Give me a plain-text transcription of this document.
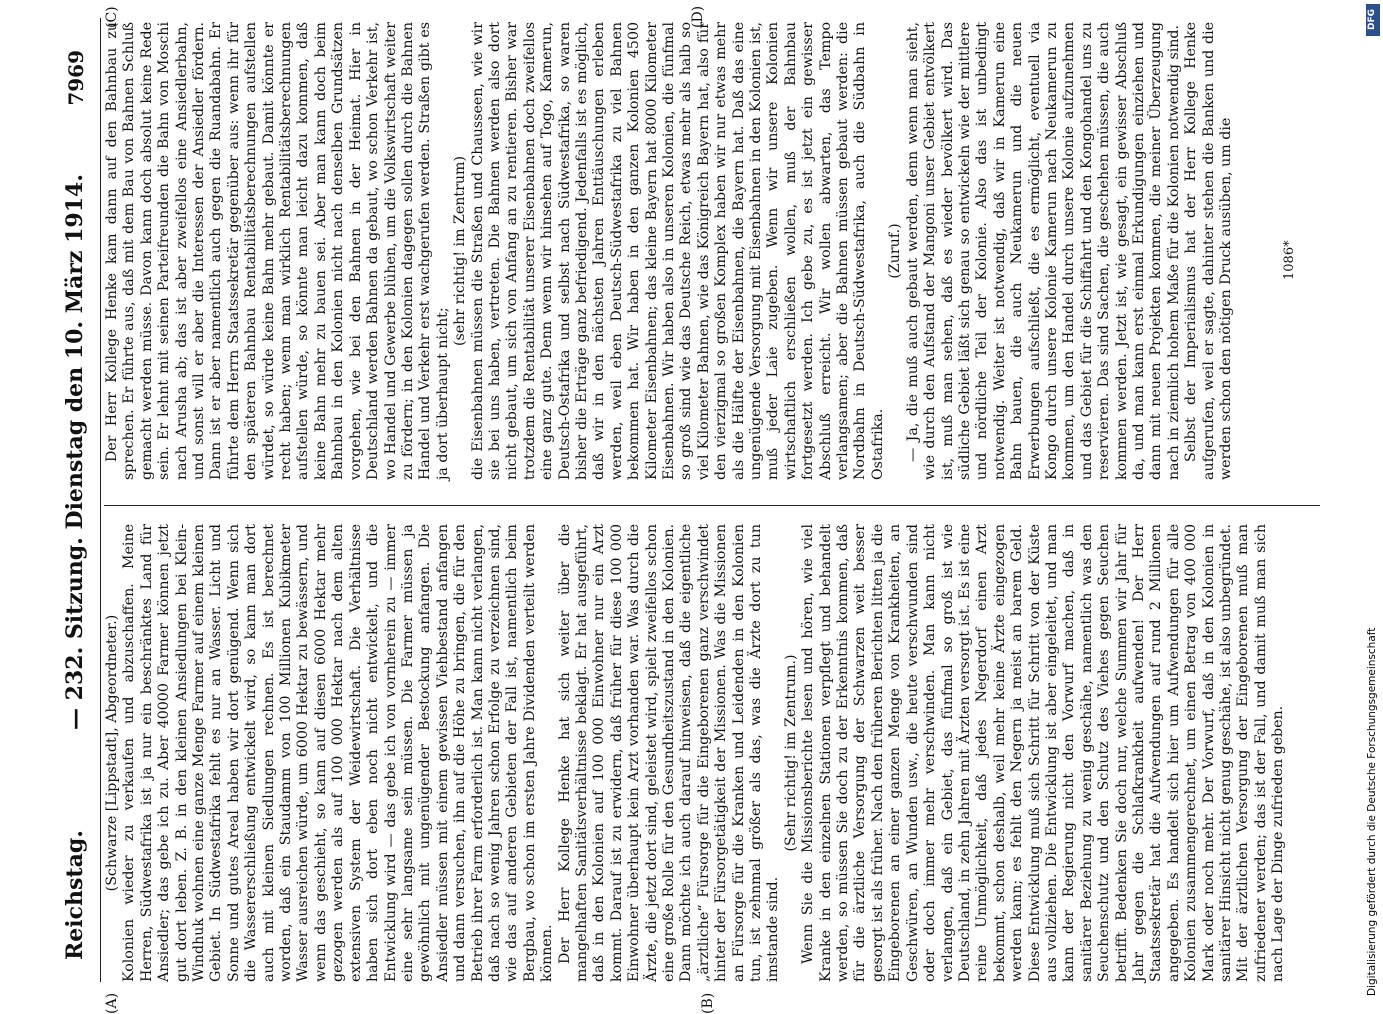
Reichstag.
— 232. Sitzung. Dienstag den 10. März 1914.
7969
(A)	(B)
(C)	(D)

(Schwarze [Lippstadt], Abgeordneter.) Kolonien wieder zu verkaufen und abzuschaffen. Meine Herren, Südwestafrika ist ja nur ein beschränktes Land für Ansiedler; das gebe ich zu. Aber 40000 Farmer können jetzt gut dort leben. Z. B. in den kleinen Ansiedlungen bei Klein-Windhuk wohnen eine ganze Menge Farmer auf einem kleinen Gebiet. In Südwestafrika fehlt es nur an Wasser. Licht und Sonne und gutes Areal haben wir dort genügend. Wenn sich die Wassererschließung entwickelt wird, so kann man dort auch mit kleinen Siedlungen rechnen. Es ist berechnet worden, daß ein Staudamm von 100 Millionen Kubikmeter Wasser ausreichen würde, um 6000 Hektar zu bewässern, und wenn das geschieht, so kann auf diesen 6000 Hektar mehr gezogen werden als auf 100 000 Hektar nach dem alten extensiven System der Weidewirtschaft. Die Verhältnisse haben sich dort eben noch nicht entwickelt, und die Entwicklung wird — das gebe ich von vornherein zu — immer eine sehr langsame sein müssen. Die Farmer müssen ja gewöhnlich mit ungenügender Bestockung anfangen. Die Ansiedler müssen mit einem gewissen Viehbestand anfangen und dann versuchen, ihn auf die Höhe zu bringen, die für den Betrieb ihrer Farm erforderlich ist. Man kann nicht verlangen, daß nach so wenig Jahren schon Erfolge zu verzeichnen sind, wie das auf anderen Gebieten der Fall ist, namentlich beim Bergbau, wo schon im ersten Jahre Dividenden verteilt werden können. Der Herr Kollege Henke hat sich weiter über die mangelhaften Sanitätsverhältnisse beklagt. Er hat ausgeführt, daß in den Kolonien auf 100 000 Einwohner nur ein Arzt kommt. Darauf ist zu erwidern, daß früher für diese 100 000 Einwohner überhaupt kein Arzt vorhanden war. Was durch die Ärzte, die jetzt dort sind, geleistet wird, spielt zweifellos schon eine große Rolle für den Gesundheitszustand in den Kolonien. Dann möchte ich auch darauf hinweisen, daß die eigentliche „ärztliche“ Fürsorge für die Eingeborenen ganz verschwindet hinter der Fürsorgetätigkeit der Missionen. Was die Missionen an Fürsorge für die Kranken und Leidenden in den Kolonien tun, ist zehnmal größer als das, was die Ärzte dort zu tun imstande sind.

(Sehr richtig! im Zentrum.) Wenn Sie die Missionsberichte lesen und hören, wie viel Kranke in den einzelnen Stationen verpflegt und behandelt werden, so müssen Sie doch zu der Erkenntnis kommen, daß für die ärztliche Versorgung der Schwarzen weit besser gesorgt ist als früher. Nach den früheren Berichten litten ja die Eingeborenen an einer ganzen Menge von Krankheiten, an Geschwüren, an Wunden usw., die heute verschwunden sind oder doch immer mehr verschwinden. Man kann nicht verlangen, daß ein Gebiet, das fünfmal so groß ist wie Deutschland, in zehn Jahren mit Ärzten versorgt ist. Es ist eine reine Unmöglichkeit, daß jedes Negerdorf einen Arzt bekommt, schon deshalb, weil mehr keine Ärzte eingezogen werden kann; es fehlt den Negern ja meist an barem Geld. Diese Entwicklung muß sich Schritt für Schritt von der Küste aus vollziehen. Die Entwicklung ist aber eingeleitet, und man kann der Regierung nicht den Vorwurf machen, daß in sanitärer Beziehung zu wenig geschähe, namentlich was den Seuchenschutz und den Schutz des Viehes gegen Seuchen betrifft. Bedenken Sie doch nur, welche Summen wir Jahr für Jahr gegen die Schlafkrankheit aufwenden! Der Herr Staatssekretär hat die Aufwendungen auf rund 2 Millionen angegeben. Es handelt sich hier um Aufwendungen für alle Kolonien zusammengerechnet, um einen Betrag von 400 000 Mark oder noch mehr. Der Vorwurf, daß in den Kolonien in sanitärer Hinsicht nicht genug geschähe, ist also unbegründet. Mit der ärztlichen Versorgung der Eingeborenen muß man zufriedener werden; das ist der Fall, und damit muß man sich nach Lage der Dinge zufrieden geben.

Der Herr Kollege Henke kam dann auf den Bahnbau zu sprechen. Er führte aus, daß mit dem Bau von Bahnen Schluß gemacht werden müsse. Davon kann doch absolut keine Rede sein. Er lehnt mit seinen Parteifreunden die Bahn von Moschi nach Arusha ab; das ist aber zweifellos eine Ansiedlerbahn, und sonst will er aber die Interessen der Ansiedler fördern. Dann ist er aber namentlich auch gegen die Ruandabahn. Er führte dem Herrn Staatssekretär gegenüber aus: wenn ihr für den späteren Bahnbau Rentabilitätsberechnungen aufstellen würdet, so würde keine Bahn mehr gebaut. Damit könnte er recht haben; wenn man wirklich Rentabilitätsberechnungen aufstellen würde, so könnte man leicht dazu kommen, daß keine Bahn mehr zu bauen sei. Aber man kann doch beim Bahnbau in den Kolonien nicht nach denselben Grundsätzen vorgehen, wie bei den Bahnen in der Heimat. Hier in Deutschland werden Bahnen da gebaut, wo schon Verkehr ist, wo Handel und Gewerbe blühen, um die Volkswirtschaft weiter zu fördern; in den Kolonien dagegen sollen durch die Bahnen Handel und Verkehr erst wachgerufen werden. Straßen gibt es ja dort überhaupt nicht;

(sehr richtig! im Zentrum) die Eisenbahnen müssen die Straßen und Chausseen, wie wir sie bei uns haben, vertreten. Die Bahnen werden also dort nicht gebaut, um sich von Anfang an zu rentieren. Bisher war trotzdem die Rentabilität unserer Eisenbahnen doch zweifellos eine ganz gute. Denn wenn wir hinsehen auf Togo, Kamerun, Deutsch-Ostafrika und selbst nach Südwestafrika, so waren bisher die Erträge ganz befriedigend. Jedenfalls ist es möglich, daß wir in den nächsten Jahren Enttäuschungen erleben werden, weil eben Deutsch-Südwestafrika zu viel Bahnen bekommen hat. Wir haben in den ganzen Kolonien 4500 Kilometer Eisenbahnen; das kleine Bayern hat 8000 Kilometer Eisenbahnen. Wir haben also in unseren Kolonien, die fünfmal so groß sind wie das Deutsche Reich, etwas mehr als halb so viel Kilometer Bahnen, wie das Königreich Bayern hat, also für den vierzigmal so großen Komplex haben wir nur etwas mehr als die Hälfte der Eisenbahnen, die Bayern hat. Daß das eine ungenügende Versorgung mit Eisenbahnen in den Kolonien ist, muß jeder Laie zugeben. Wenn wir unsere Kolonien wirtschaftlich erschließen wollen, muß der Bahnbau fortgesetzt werden. Ich gebe zu, es ist jetzt ein gewisser Abschluß erreicht. Wir wollen abwarten, das Tempo verlangsamen; aber die Bahnen müssen gebaut werden: die Nordbahn in Deutsch-Südwestafrika, auch die Südbahn in Ostafrika.

(Zuruf.) — Ja, die muß auch gebaut werden, denn wenn man sieht, wie durch den Aufstand der Mangoni unser Gebiet entvölkert ist, muß man sehen, daß es wieder bevölkert wird. Das südliche Gebiet läßt sich genau so entwickeln wie der mittlere und nördliche Teil der Kolonie. Also das ist unbedingt notwendig. Weiter ist notwendig, daß wir in Kamerun eine Bahn bauen, die auch Neukamerun und die neuen Erwerbungen aufschließt, die es ermöglicht, eventuell via Kongo durch unsere Kolonie Kamerun nach Neukamerun zu kommen, um den Handel durch unsere Kolonie aufzunehmen und das Gebiet für die Schiffahrt und den Kongohandel uns zu reservieren. Das sind Sachen, die geschehen müssen, die auch kommen werden. Jetzt ist, wie gesagt, ein gewisser Abschluß da, und man kann erst einmal Erkundigungen einziehen und dann mit neuen Projekten kommen, die meiner Überzeugung nach in ziemlich hohem Maße für die Kolonien notwendig sind. Selbst der Imperialismus hat der Herr Kollege Henke aufgerufen, weil er sagte, dahinter stehen die Banken und die werden schon den nötigen Druck ausüben, um die	1086*
Digitalisierung gefördert durch die Deutsche Forschungsgemeinschaft
DFG
